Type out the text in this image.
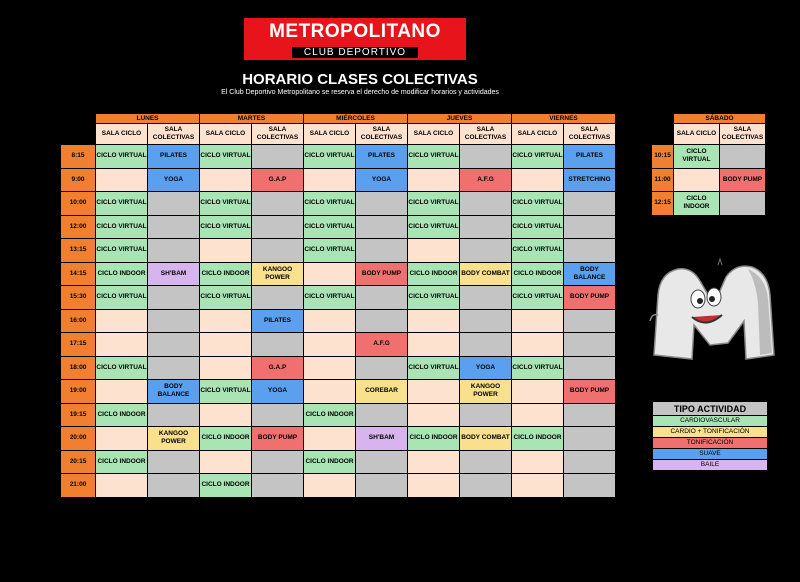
METROPOLITANO
CLUB DEPORTIVO
HORARIO CLASES COLECTIVAS
El Club Deportivo Metropolitano se reserva el derecho de modificar horarios y actividades
	LUNES		MARTES		MIÉRCOLES		JUEVES		VIERNES	
	SALA CICLO	SALA COLECTIVAS	SALA CICLO	SALA COLECTIVAS	SALA CICLO	SALA COLECTIVAS	SALA CICLO	SALA COLECTIVAS	SALA CICLO	SALA COLECTIVAS
8:15	CICLO VIRTUAL	PILATES	CICLO VIRTUAL		CICLO VIRTUAL	PILATES	CICLO VIRTUAL		CICLO VIRTUAL	PILATES
9:00		YOGA		G.A.P		YOGA		A.F.G		STRETCHING
10:00	CICLO VIRTUAL		CICLO VIRTUAL		CICLO VIRTUAL		CICLO VIRTUAL		CICLO VIRTUAL	
12:00	CICLO VIRTUAL		CICLO VIRTUAL		CICLO VIRTUAL		CICLO VIRTUAL		CICLO VIRTUAL	
13:15	CICLO VIRTUAL				CICLO VIRTUAL				CICLO VIRTUAL	
14:15	CICLO INDOOR	SH'BAM	CICLO INDOOR	KANGOO POWER		BODY PUMP	CICLO INDOOR	BODY COMBAT	CICLO INDOOR	BODY BALANCE
15:30	CICLO VIRTUAL		CICLO VIRTUAL		CICLO VIRTUAL		CICLO VIRTUAL		CICLO VIRTUAL	BODY PUMP
16:00				PILATES						
17:15						A.F.G				
18:00	CICLO VIRTUAL			G.A.P			CICLO VIRTUAL	YOGA	CICLO VIRTUAL	
19:00		BODY BALANCE	CICLO VIRTUAL	YOGA		COREBAR		KANGOO POWER		BODY PUMP
19:15	CICLO INDOOR				CICLO INDOOR					
20:00		KANGOO POWER	CICLO INDOOR	BODY PUMP		SH'BAM	CICLO INDOOR	BODY COMBAT	CICLO INDOOR	
20:15	CICLO INDOOR				CICLO INDOOR					
21:00			CICLO INDOOR							
	SÁBADO	
	SALA CICLO	SALA COLECTIVAS
10:15	CICLO VIRTUAL	
11:00		BODY PUMP
12:15	CICLO INDOOR	
TIPO ACTIVIDAD
CARDIOVASCULAR
CARDIO + TONIFICACIÓN
TONIFICACIÓN
SUAVE
BAILE
